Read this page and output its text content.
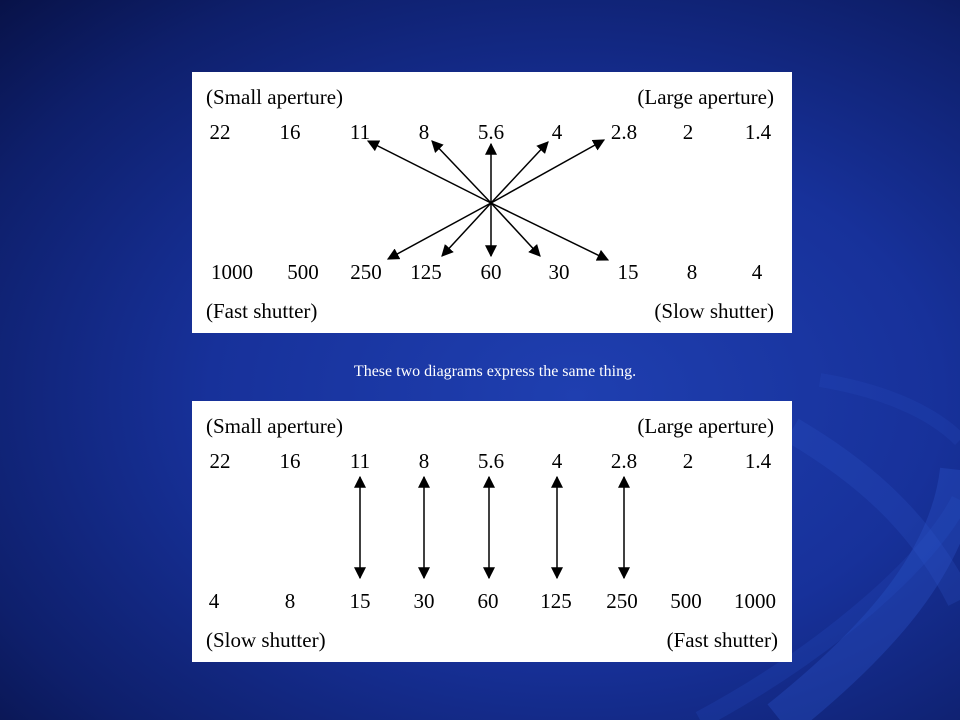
(Small aperture)	(Large aperture)
22 16 11 8 5.6 4 2.8 2 1.4
1000 500 250 125 60 30 15 8	4
(Fast shutter)	(Slow shutter)
These two diagrams express the same thing.
(Small aperture)	(Large aperture)
22 16 11 8 5.6 4 2.8 2 1.4
4	8	15 30 60 125 250 500 1000
(Slow shutter)	(Fast shutter)
